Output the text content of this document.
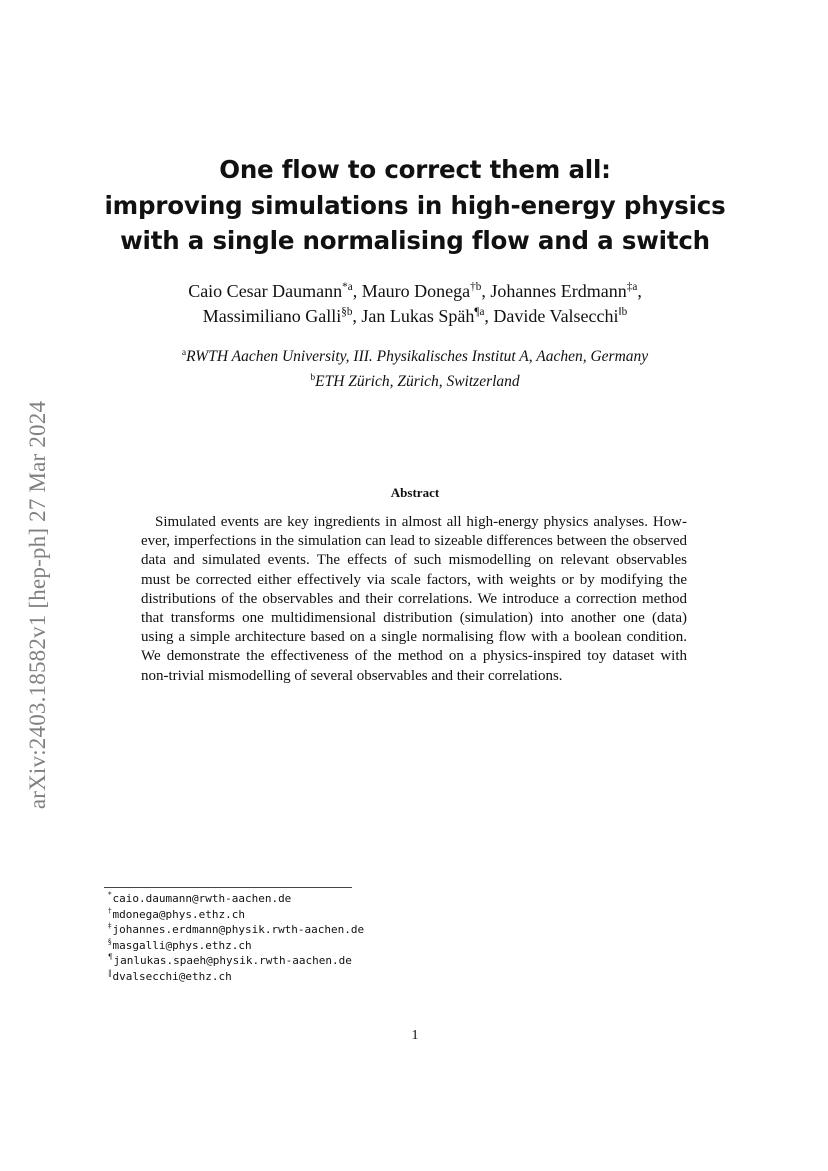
arXiv:2403.18582v1 [hep-ph] 27 Mar 2024
One flow to correct them all:
improving simulations in high-energy physics
with a single normalising flow and a switch
Caio Cesar Daumann$^{*a}$, Mauro Donega$^{\dagger b}$, Johannes Erdmann$^{\ddagger a}$,
Massimiliano Galli$^{\S b}$, Jan Lukas Späh$^{\P a}$, Davide Valsecchi$^{‖b}$
$^a$RWTH Aachen University, III. Physikalisches Institut A, Aachen, Germany
$^b$ETH Zürich, Zürich, Switzerland
Abstract
Simulated events are key ingredients in almost all high-energy physics analyses. How-
ever, imperfections in the simulation can lead to sizeable differences between the observed
data and simulated events. The effects of such mismodelling on relevant observables
must be corrected either effectively via scale factors, with weights or by modifying the
distributions of the observables and their correlations. We introduce a correction method
that transforms one multidimensional distribution (simulation) into another one (data)
using a simple architecture based on a single normalising flow with a boolean condition.
We demonstrate the effectiveness of the method on a physics-inspired toy dataset with
non-trivial mismodelling of several observables and their correlations.
*caio.daumann@rwth-aachen.de
†mdonega@phys.ethz.ch
‡johannes.erdmann@physik.rwth-aachen.de
§masgalli@phys.ethz.ch
¶janlukas.spaeh@physik.rwth-aachen.de
‖dvalsecchi@ethz.ch
1
